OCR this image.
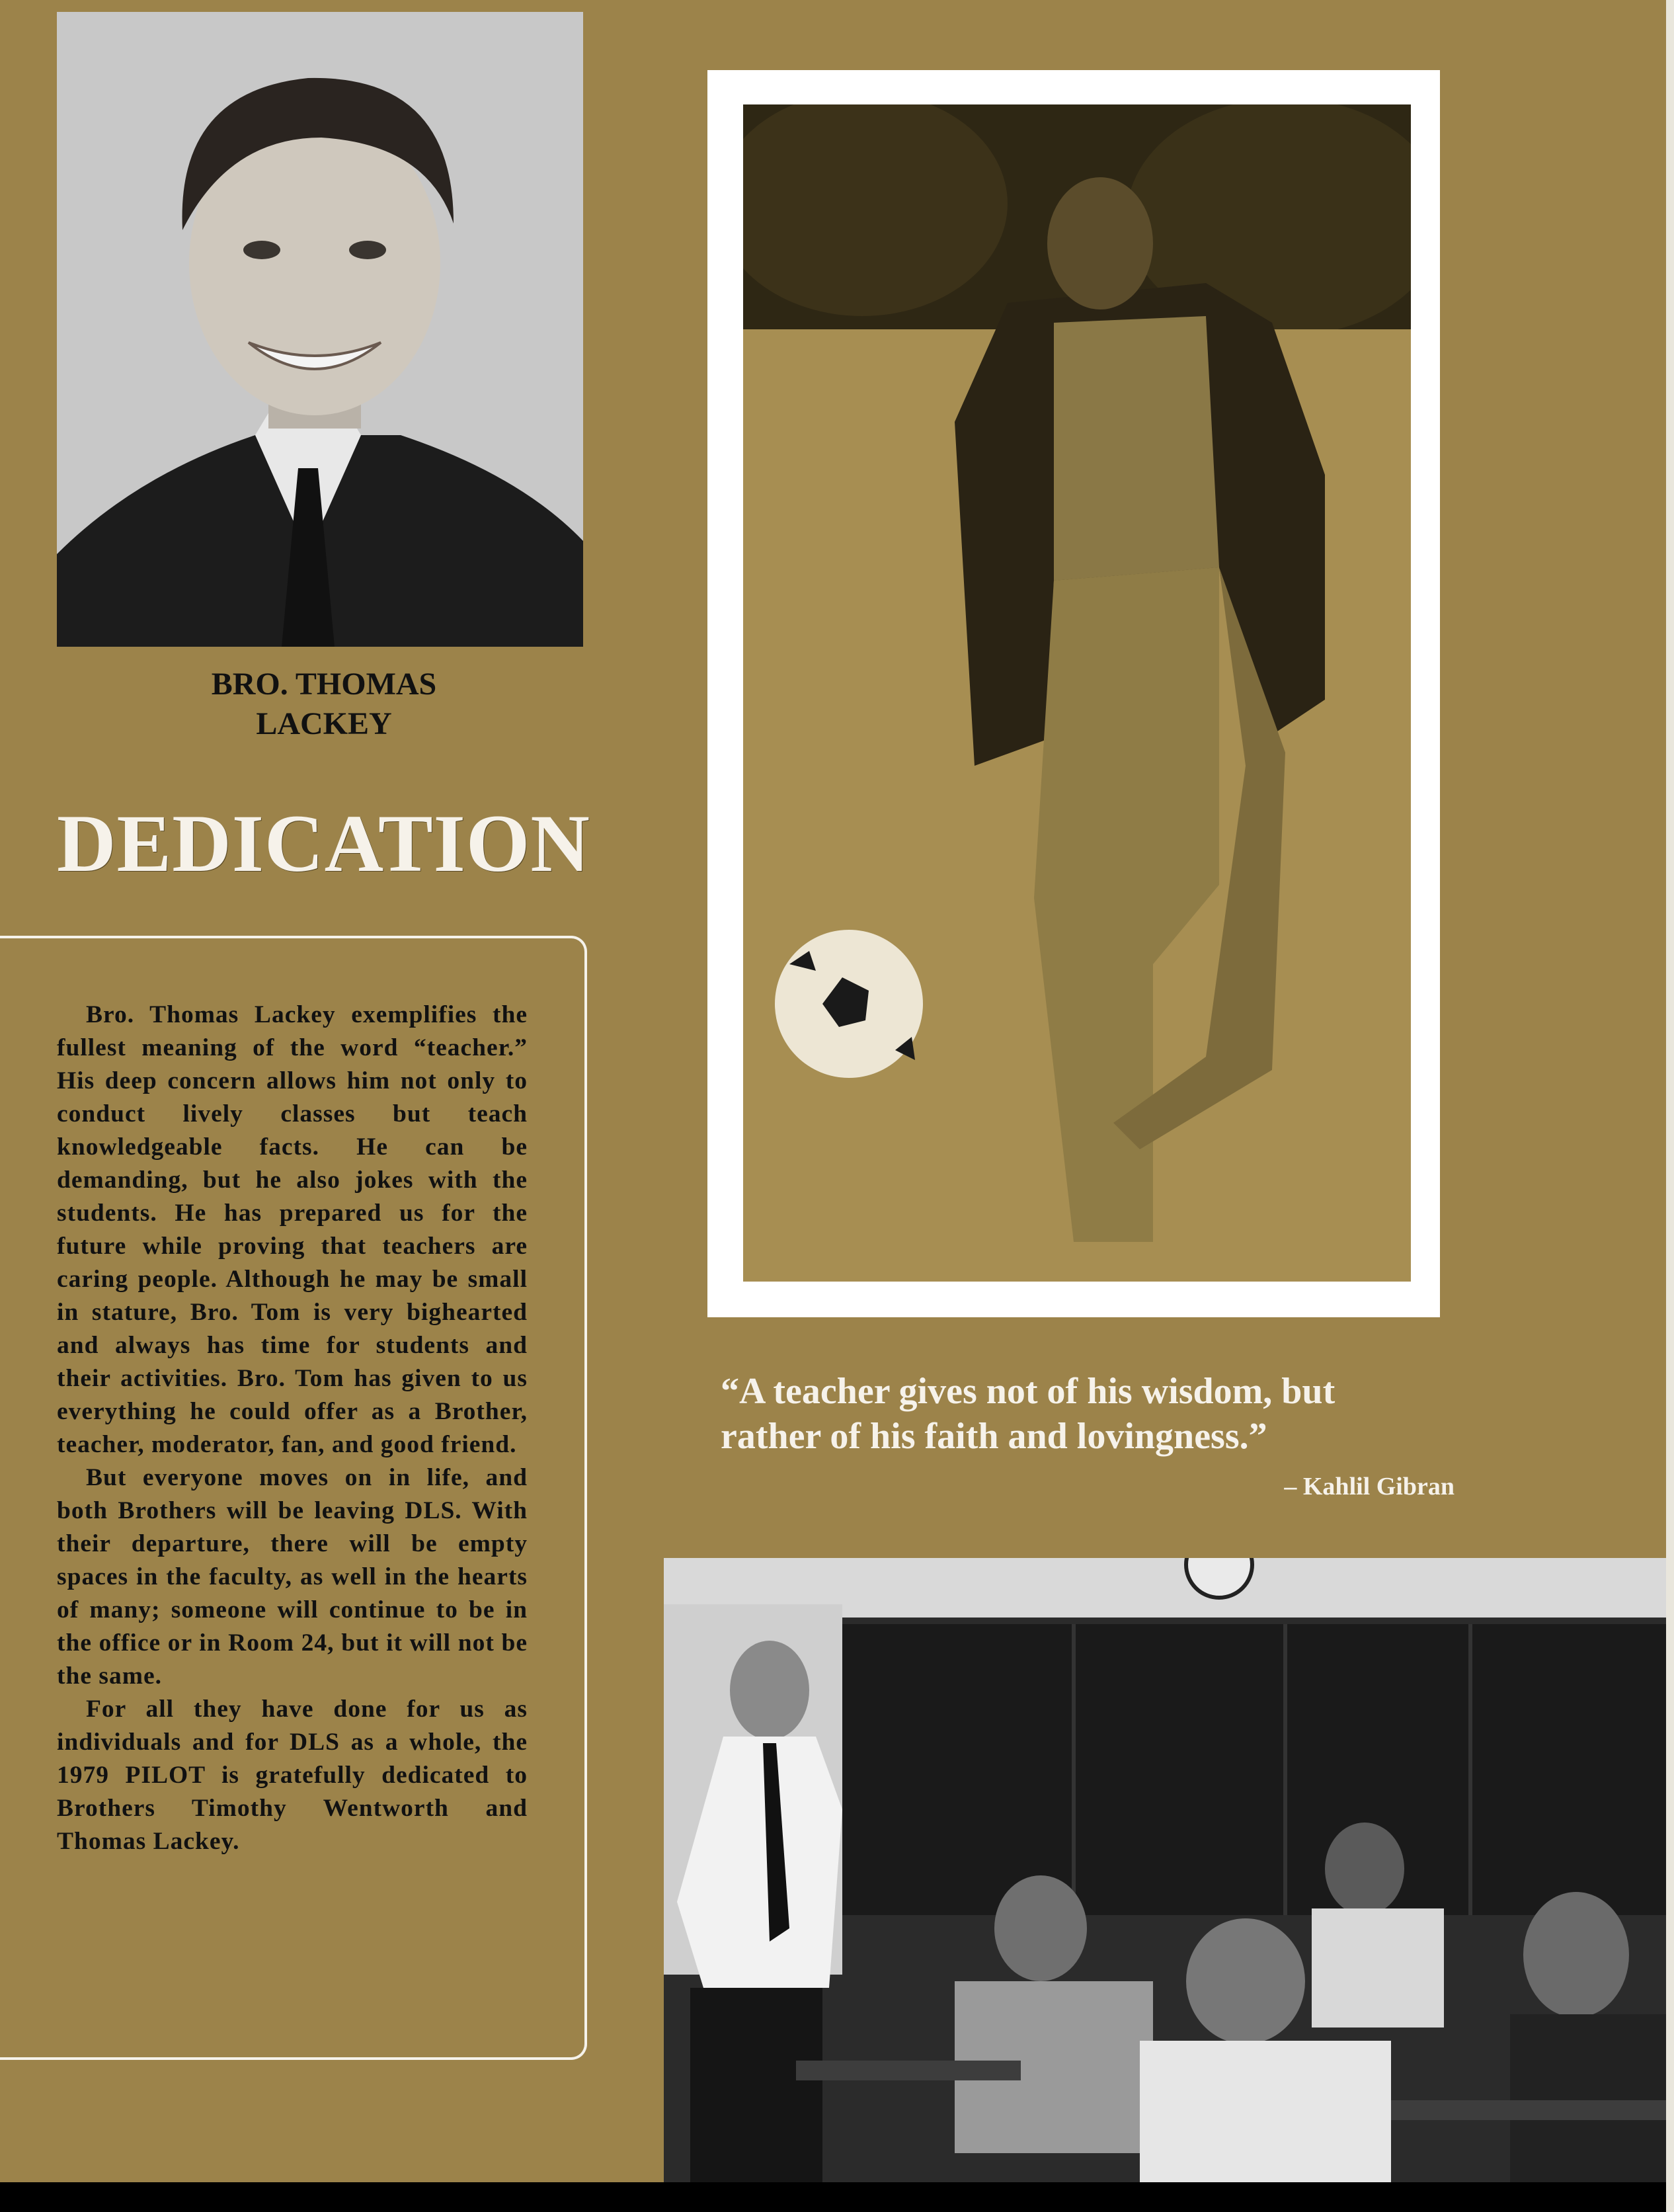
BRO. THOMAS
LACKEY
DEDICATION

Bro. Thomas Lackey exemplifies the fullest meaning of the word “teacher.” His deep concern allows him not only to conduct lively classes but teach knowledgeable facts. He can be demanding, but he also jokes with the students. He has prepared us for the future while proving that teachers are caring people. Although he may be small in stature, Bro. Tom is very bighearted and always has time for students and their activities. Bro. Tom has given to us everything he could offer as a Brother, teacher, moderator, fan, and good friend.

But everyone moves on in life, and both Brothers will be leaving DLS. With their departure, there will be empty spaces in the faculty, as well in the hearts of many; someone will continue to be in the office or in Room 24, but it will not be the same.

For all they have done for us as individuals and for DLS as a whole, the 1979 PILOT is gratefully dedicated to Brothers Timothy Wentworth and Thomas Lackey.

“A teacher gives not of his wisdom, but
rather of his faith and lovingness.”
– Kahlil Gibran
